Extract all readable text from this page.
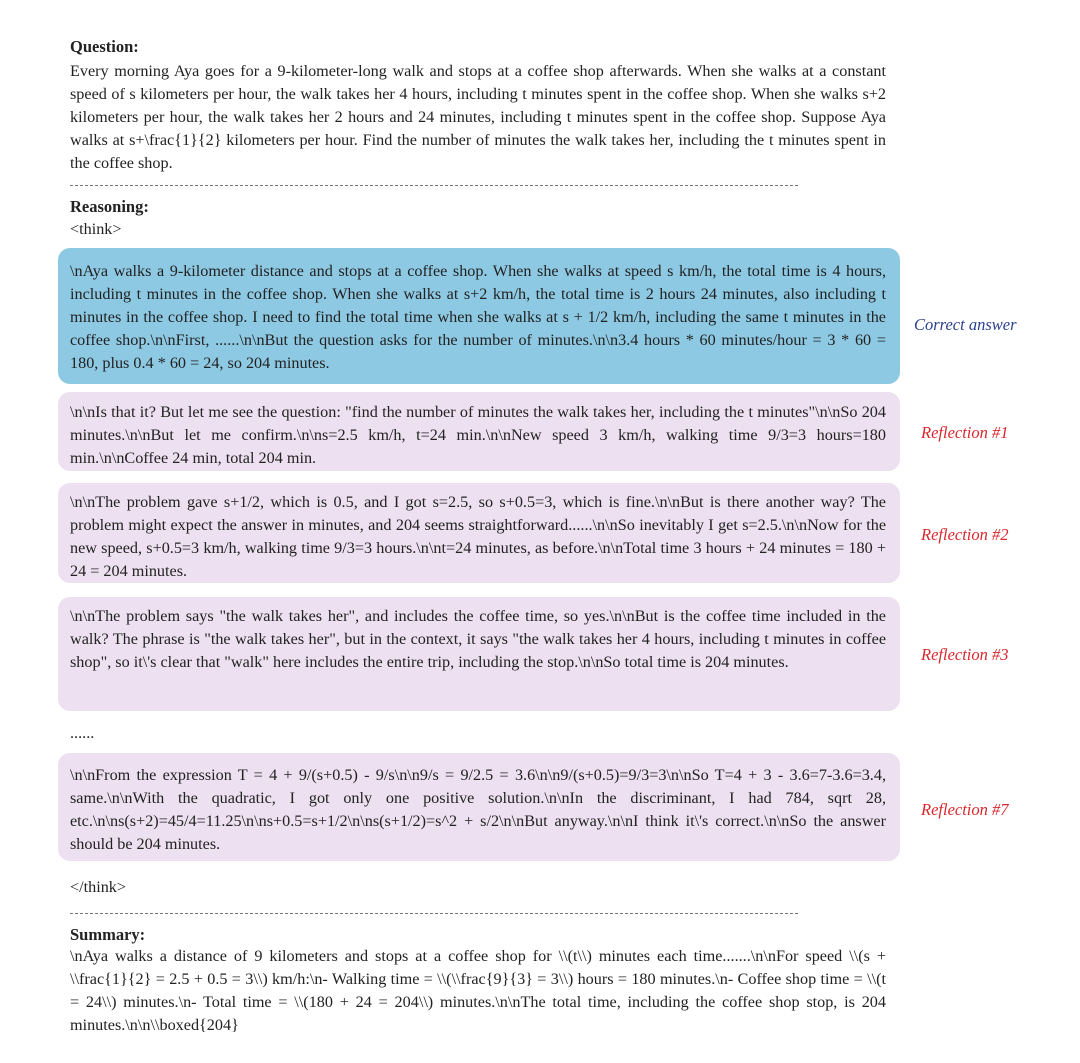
Question:
Every morning Aya goes for a 9-kilometer-long walk and stops at a coffee shop afterwards. When she walks at a constant speed of s kilometers per hour, the walk takes her 4 hours, including t minutes spent in the coffee shop. When she walks s+2 kilometers per hour, the walk takes her 2 hours and 24 minutes, including t minutes spent in the coffee shop. Suppose Aya walks at s+\frac{1}{2} kilometers per hour. Find the number of minutes the walk takes her, including the t minutes spent in the coffee shop.
Reasoning:
<think>
\nAya walks a 9-kilometer distance and stops at a coffee shop. When she walks at speed s km/h, the total time is 4 hours, including t minutes in the coffee shop. When she walks at s+2 km/h, the total time is 2 hours 24 minutes, also including t minutes in the coffee shop. I need to find the total time when she walks at s + 1/2 km/h, including the same t minutes in the coffee shop.\n\nFirst, ......\n\nBut the question asks for the number of minutes.\n\n3.4 hours * 60 minutes/hour = 3 * 60 = 180, plus 0.4 * 60 = 24, so 204 minutes.
Correct answer
\n\nIs that it? But let me see the question: "find the number of minutes the walk takes her, including the t minutes"\n\nSo 204 minutes.\n\nBut let me confirm.\n\ns=2.5 km/h, t=24 min.\n\nNew speed 3 km/h, walking time 9/3=3 hours=180 min.\n\nCoffee 24 min, total 204 min.
Reflection #1
\n\nThe problem gave s+1/2, which is 0.5, and I got s=2.5, so s+0.5=3, which is fine.\n\nBut is there another way? The problem might expect the answer in minutes, and 204 seems straightforward......\n\nSo inevitably I get s=2.5.\n\nNow for the new speed, s+0.5=3 km/h, walking time 9/3=3 hours.\n\nt=24 minutes, as before.\n\nTotal time 3 hours + 24 minutes = 180 + 24 = 204 minutes.
Reflection #2
\n\nThe problem says "the walk takes her", and includes the coffee time, so yes.\n\nBut is the coffee time included in the walk? The phrase is "the walk takes her", but in the context, it says "the walk takes her 4 hours, including t minutes in coffee shop", so it\'s clear that "walk" here includes the entire trip, including the stop.\n\nSo total time is 204 minutes.	Reflection #3
......
\n\nFrom the expression T = 4 + 9/(s+0.5) - 9/s\n\n9/s = 9/2.5 = 3.6\n\n9/(s+0.5)=9/3=3\n\nSo T=4 + 3 - 3.6=7-3.6=3.4, same.\n\nWith the quadratic, I got only one positive solution.\n\nIn the discriminant, I had 784, sqrt 28, etc.\n\ns(s+2)=45/4=11.25\n\ns+0.5=s+1/2\n\ns(s+1/2)=s^2 + s/2\n\nBut anyway.\n\nI think it\'s correct.\n\nSo the answer should be 204 minutes.
Reflection #7
</think>
Summary:
\nAya walks a distance of 9 kilometers and stops at a coffee shop for \\(t\\) minutes each time.......\n\nFor speed \\(s + \\frac{1}{2} = 2.5 + 0.5 = 3\\) km/h:\n- Walking time = \\(\\frac{9}{3} = 3\\) hours = 180 minutes.\n- Coffee shop time = \\(t = 24\\) minutes.\n- Total time = \\(180 + 24 = 204\\) minutes.\n\nThe total time, including the coffee shop stop, is 204 minutes.\n\n\\boxed{204}
